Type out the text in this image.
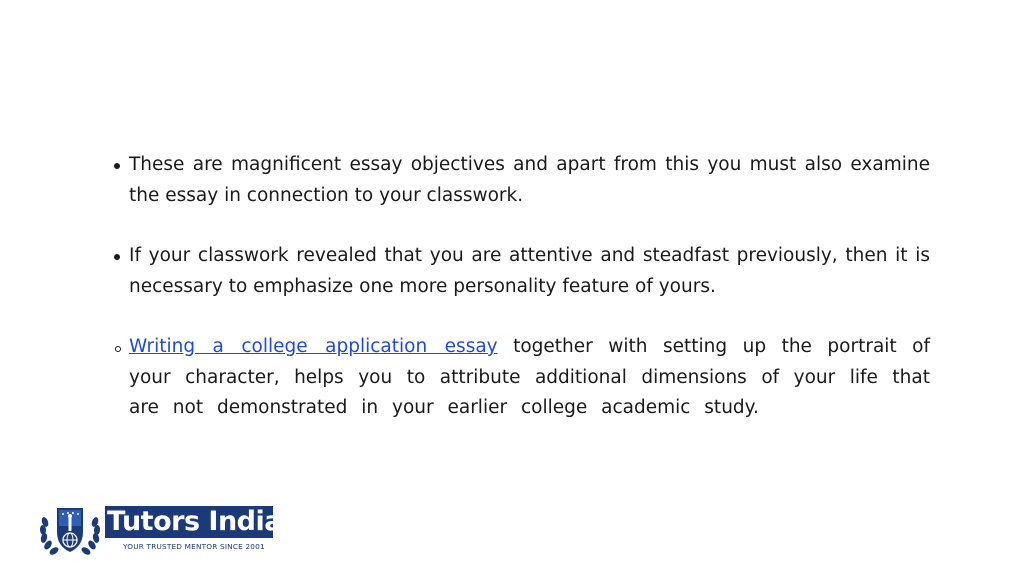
These are magnificent essay objectives and apart from this you must also examine the essay in connection to your classwork.
If your classwork revealed that you are attentive and steadfast previously, then it is necessary to emphasize one more personality feature of yours.
Writing a college application essay together with setting up the portrait of your character, helps you to attribute additional dimensions of your life that are not demonstrated in your earlier college academic study.
Tutors India
YOUR TRUSTED MENTOR SINCE 2001
